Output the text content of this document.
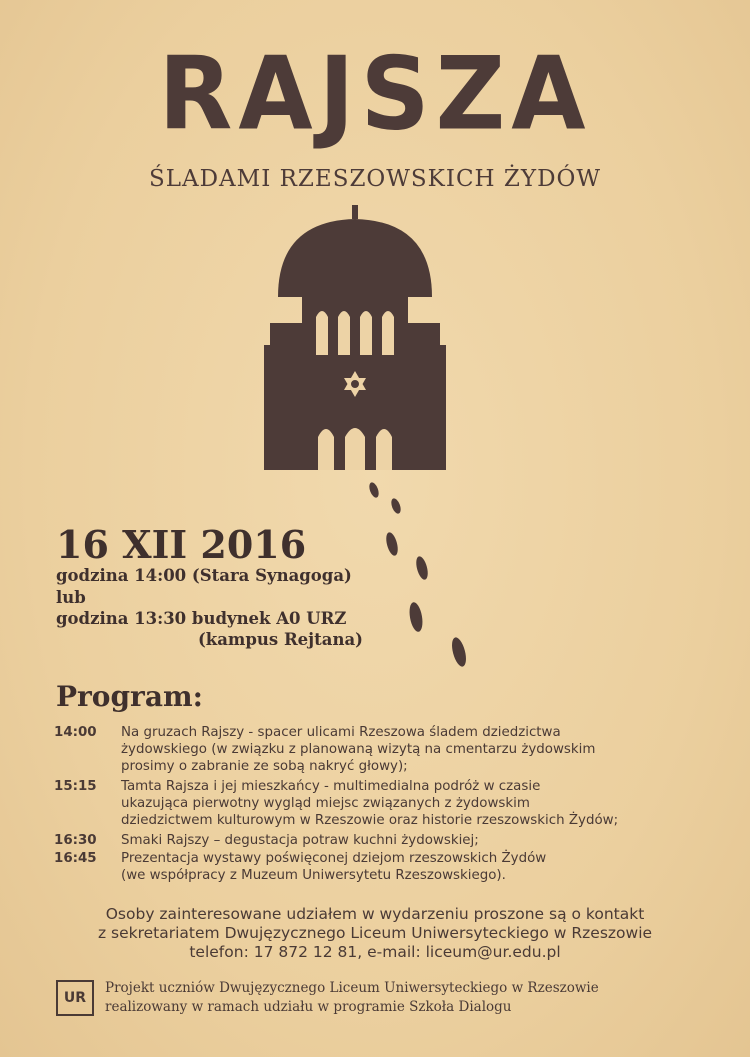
RAJSZA
ŚLADAMI RZESZOWSKICH ŻYDÓW
16 XII 2016
godzina 14:00 (Stara Synagoga)
lub
godzina 13:30 budynek A0 URZ
(kampus Rejtana)
Program:
14:00	Na gruzach Rajszy - spacer ulicami Rzeszowa śladem dziedzictwa
żydowskiego (w związku z planowaną wizytą na cmentarzu żydowskim
prosimy o zabranie ze sobą nakryć głowy);
15:15	Tamta Rajsza i jej mieszkańcy - multimedialna podróż w czasie
ukazująca pierwotny wygląd miejsc związanych z żydowskim
dziedzictwem kulturowym w Rzeszowie oraz historie rzeszowskich Żydów;
16:30	Smaki Rajszy – degustacja potraw kuchni żydowskiej;
16:45	Prezentacja wystawy poświęconej dziejom rzeszowskich Żydów
(we współpracy z Muzeum Uniwersytetu Rzeszowskiego).
Osoby zainteresowane udziałem w wydarzeniu proszone są o kontakt
z sekretariatem Dwujęzycznego Liceum Uniwersyteckiego w Rzeszowie
telefon: 17 872 12 81, e-mail: liceum@ur.edu.pl
UR
Projekt uczniów Dwujęzycznego Liceum Uniwersyteckiego w Rzeszowie
realizowany w ramach udziału w programie Szkoła Dialogu
